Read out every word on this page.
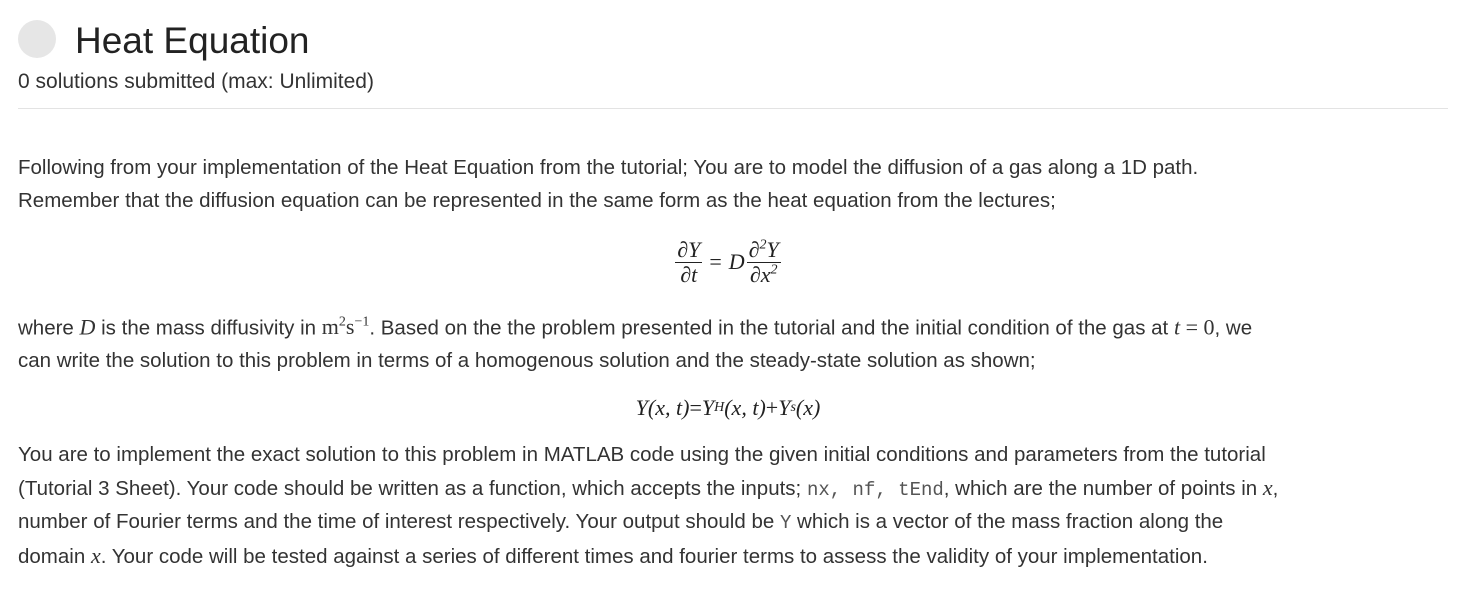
Heat Equation
0 solutions submitted (max: Unlimited)

Following from your implementation of the Heat Equation from the tutorial; You are to model the diffusion of a gas along a 1D path.
Remember that the diffusion equation can be represented in the same form as the heat equation from the lectures;

$\frac{\partial Y}{\partial t} = D \frac{\partial^2Y}{\partial x^2}$

where D is the mass diffusivity in $m^2s^{-1}$. Based on the the problem presented in the tutorial and the initial condition of the gas at t = 0, we
can write the solution to this problem in terms of a homogenous solution and the steady-state solution as shown;

Y(x, t) = Y H (x, t) + Y s (x)

You are to implement the exact solution to this problem in MATLAB code using the given initial conditions and parameters from the tutorial
(Tutorial 3 Sheet). Your code should be written as a function, which accepts the inputs; nx, nf, tEnd, which are the number of points in x,
number of Fourier terms and the time of interest respectively. Your output should be Y which is a vector of the mass fraction along the
domain x. Your code will be tested against a series of different times and fourier terms to assess the validity of your implementation.
